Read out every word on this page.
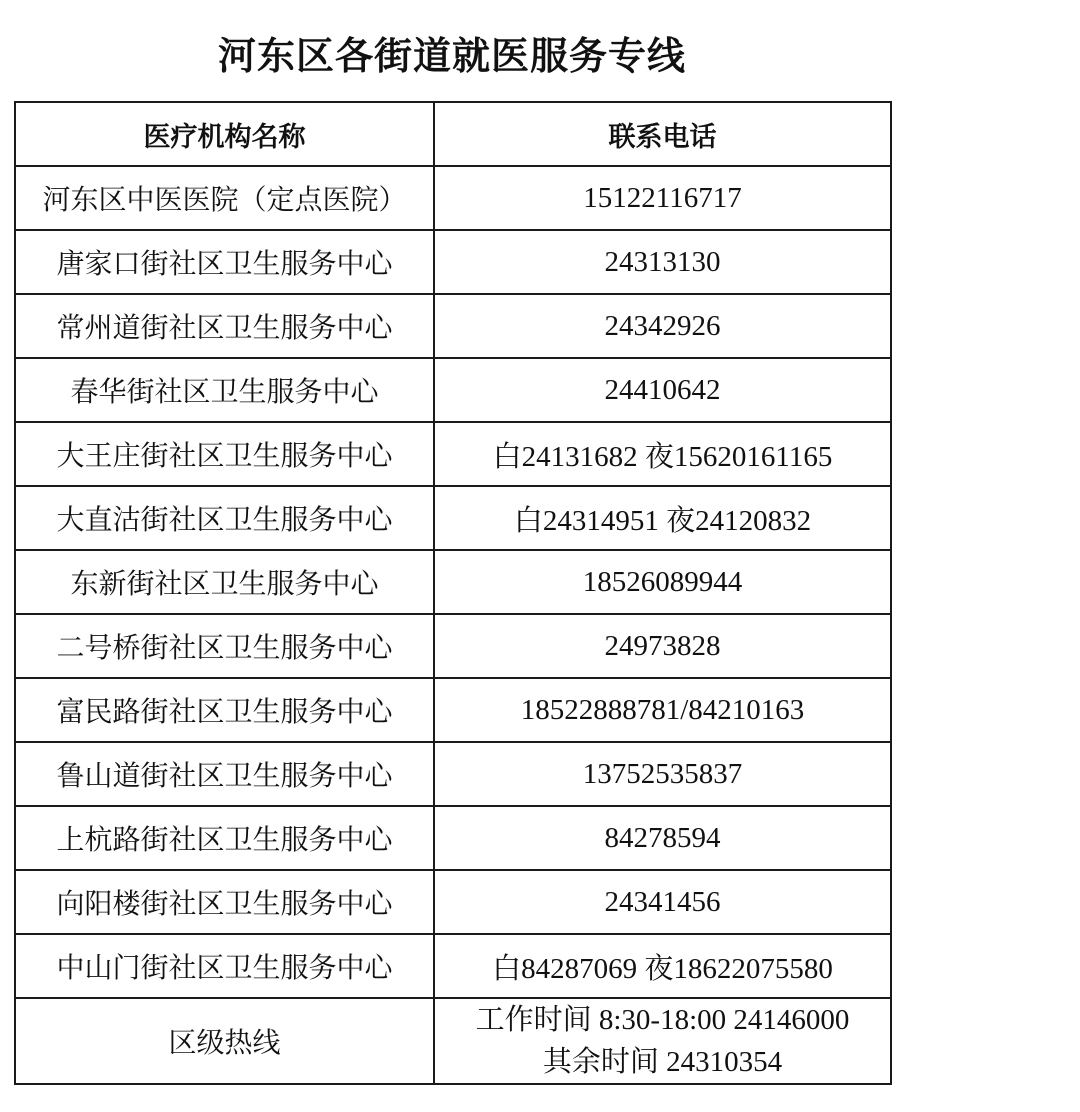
河东区各街道就医服务专线
医疗机构名称	联系电话
河东区中医医院（定点医院）	15122116717
唐家口街社区卫生服务中心	24313130
常州道街社区卫生服务中心	24342926
春华街社区卫生服务中心	24410642
大王庄街社区卫生服务中心	白24131682 夜15620161165
大直沽街社区卫生服务中心	白24314951 夜24120832
东新街社区卫生服务中心	18526089944
二号桥街社区卫生服务中心	24973828
富民路街社区卫生服务中心	18522888781/84210163
鲁山道街社区卫生服务中心	13752535837
上杭路街社区卫生服务中心	84278594
向阳楼街社区卫生服务中心	24341456
中山门街社区卫生服务中心	白84287069 夜18622075580
区级热线	工作时间 8:30-18:00 24146000
其余时间 24310354
